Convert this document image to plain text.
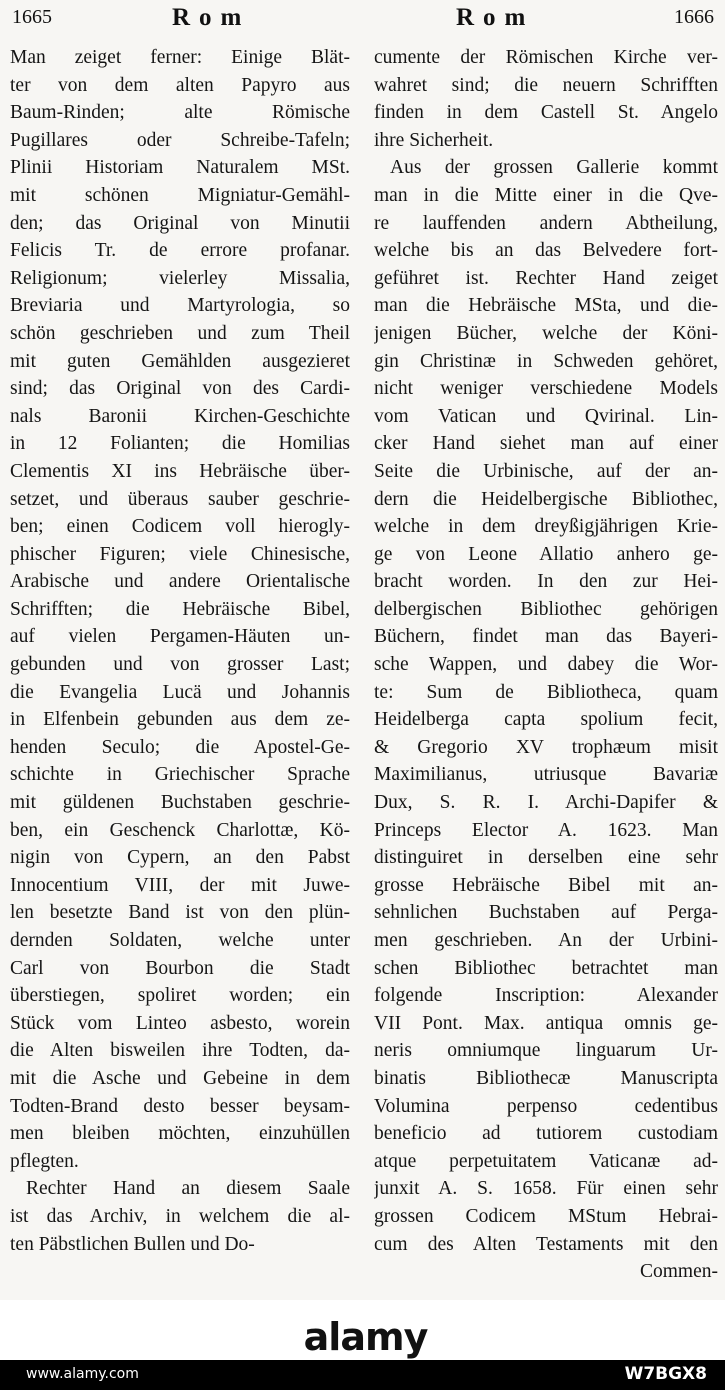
1665	Rom	Rom	1666
Man zeiget ferner: Einige Blät-
ter von dem alten Papyro aus
Baum-Rinden; alte Römische
Pugillares oder Schreibe-Tafeln;
Plinii Historiam Naturalem MSt.
mit schönen Migniatur-Gemähl-
den; das Original von Minutii
Felicis Tr. de errore profanar.
Religionum; vielerley Missalia,
Breviaria und Martyrologia, so
schön geschrieben und zum Theil
mit guten Gemählden ausgezieret
sind; das Original von des Cardi-
nals Baronii Kirchen-Geschichte
in 12 Folianten; die Homilias
Clementis XI ins Hebräische über-
setzet, und überaus sauber geschrie-
ben; einen Codicem voll hierogly-
phischer Figuren; viele Chinesische,
Arabische und andere Orientalische
Schrifften; die Hebräische Bibel,
auf vielen Pergamen-Häuten un-
gebunden und von grosser Last;
die Evangelia Lucä und Johannis
in Elfenbein gebunden aus dem ze-
henden Seculo; die Apostel-Ge-
schichte in Griechischer Sprache
mit güldenen Buchstaben geschrie-
ben, ein Geschenck Charlottæ, Kö-
nigin von Cypern, an den Pabst
Innocentium VIII, der mit Juwe-
len besetzte Band ist von den plün-
dernden Soldaten, welche unter
Carl von Bourbon die Stadt
überstiegen, spoliret worden; ein
Stück vom Linteo asbesto, worein
die Alten bisweilen ihre Todten, da-
mit die Asche und Gebeine in dem
Todten-Brand desto besser beysam-
men bleiben möchten, einzuhüllen
pflegten.
Rechter Hand an diesem Saale
ist das Archiv, in welchem die al-
ten Päbstlichen Bullen und Do-
cumente der Römischen Kirche ver-
wahret sind; die neuern Schrifften
finden in dem Castell St. Angelo
ihre Sicherheit.
Aus der grossen Gallerie kommt
man in die Mitte einer in die Qve-
re lauffenden andern Abtheilung,
welche bis an das Belvedere fort-
geführet ist. Rechter Hand zeiget
man die Hebräische MSta, und die-
jenigen Bücher, welche der Köni-
gin Christinæ in Schweden gehöret,
nicht weniger verschiedene Models
vom Vatican und Qvirinal. Lin-
cker Hand siehet man auf einer
Seite die Urbinische, auf der an-
dern die Heidelbergische Bibliothec,
welche in dem dreyßigjährigen Krie-
ge von Leone Allatio anhero ge-
bracht worden. In den zur Hei-
delbergischen Bibliothec gehörigen
Büchern, findet man das Bayeri-
sche Wappen, und dabey die Wor-
te: Sum de Bibliotheca, quam
Heidelberga capta spolium fecit,
& Gregorio XV trophæum misit
Maximilianus, utriusque Bavariæ
Dux, S. R. I. Archi-Dapifer &
Princeps Elector A. 1623. Man
distinguiret in derselben eine sehr
grosse Hebräische Bibel mit an-
sehnlichen Buchstaben auf Perga-
men geschrieben. An der Urbini-
schen Bibliothec betrachtet man
folgende Inscription: Alexander
VII Pont. Max. antiqua omnis ge-
neris omniumque linguarum Ur-
binatis Bibliothecæ Manuscripta
Volumina perpenso cedentibus
beneficio ad tutiorem custodiam
atque perpetuitatem Vaticanæ ad-
junxit A. S. 1658. Für einen sehr
grossen Codicem MStum Hebrai-
cum des Alten Testaments mit den
Commen-
alamy
www.alamy.com	W7BGX8
